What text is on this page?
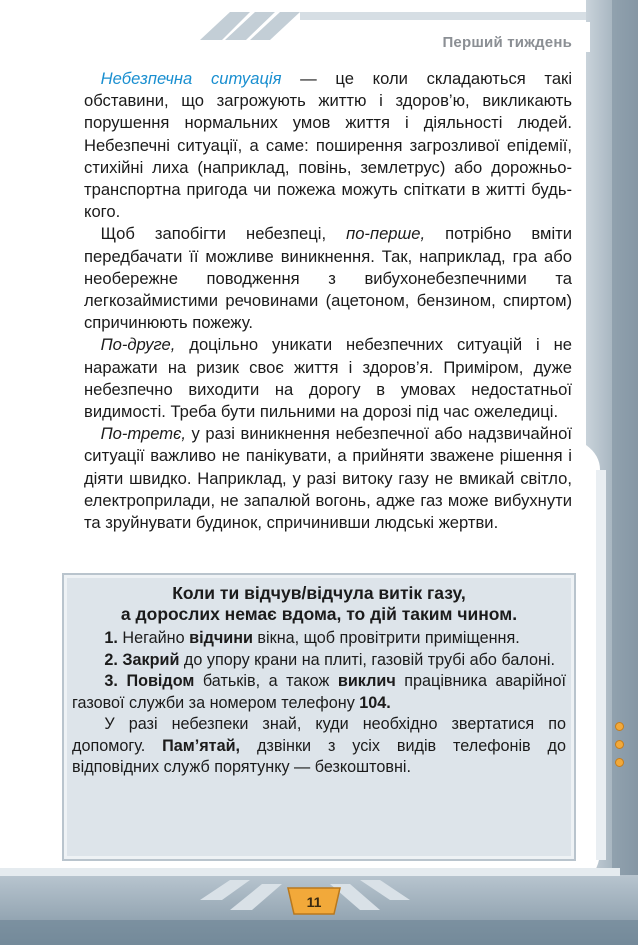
Перший тиждень

 Небезпечна ситуація — це коли складаються такі обставини, що загрожують життю і здоров’ю, викликають порушення нормальних умов життя і діяльності людей. Небезпечні ситуації, а саме: поширення загрозливої епідемії, стихійні лиха (наприклад, повінь, землетрус) або дорожньо-транспортна пригода чи пожежа можуть спіткати в житті будь-кого.

 Щоб запобігти небезпеці, по-перше, потрібно вміти передбачати її можливе виникнення. Так, наприклад, гра або необережне поводження з вибухонебезпечними та легкозаймистими речовинами (ацетоном, бензином, спиртом) спричинюють пожежу.

 По-друге, доцільно уникати небезпечних ситуацій і не наражати на ризик своє життя і здоров’я. Приміром, дуже небезпечно виходити на дорогу в умовах недостатньої видимості. Треба бути пильними на дорозі під час ожеледиці.

 По-третє, у разі виникнення небезпечної або надзвичайної ситуації важливо не панікувати, а прийняти зважене рішення і діяти швидко. Наприклад, у разі витоку газу не вмикай світло, електроприлади, не запалюй вогонь, адже газ може вибухнути та зруйнувати будинок, спричинивши людські жертви.

Коли ти відчув/відчула витік газу,
а дорослих немає вдома, то дій таким чином.

  1. Негайно відчини вікна, щоб провітрити приміщення.

  2. Закрий до упору крани на плиті, газовій трубі або балоні.

  3. Повідом батьків, а також виклич працівника аварійної газової служби за номером телефону 104.

  У разі небезпеки знай, куди необхідно звертатися по допомогу. Пам’ятай, дзвінки з усіх видів телефонів до відповідних служб порятунку — безкоштовні.

11
